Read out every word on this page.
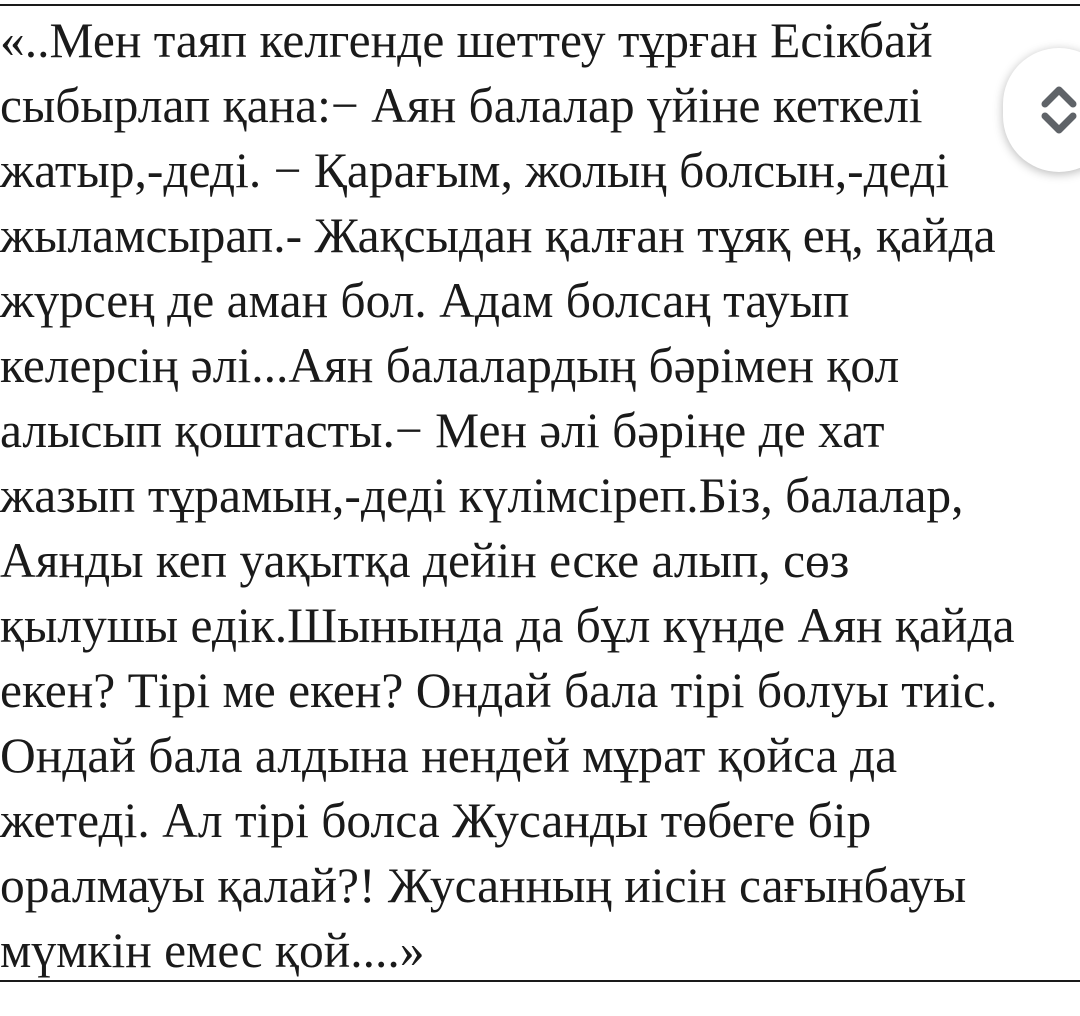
«..Мен таяп келгенде шеттеу тұрған Есікбай
сыбырлап қана:− Аян балалар үйіне кеткелі
жатыр,-деді. − Қарағым, жолың болсын,-деді
жыламсырап.- Жақсыдан қалған тұяқ ең, қайда
жүрсең де аман бол. Адам болсаң тауып
келерсің әлі...Аян балалардың бәрімен қол
алысып қоштасты.− Мен әлі бәріңе де хат
жазып тұрамын,-деді күлімсіреп.Біз, балалар,
Аянды кеп уақытқа дейін еске алып, сөз
қылушы едік.Шынында да бұл күнде Аян қайда
екен? Тірі ме екен? Ондай бала тірі болуы тиіс.
Ондай бала алдына нендей мұрат қойса да
жетеді. Ал тірі болса Жусанды төбеге бір
оралмауы қалай?! Жусанның иісін сағынбауы
мүмкін емес қой....»
